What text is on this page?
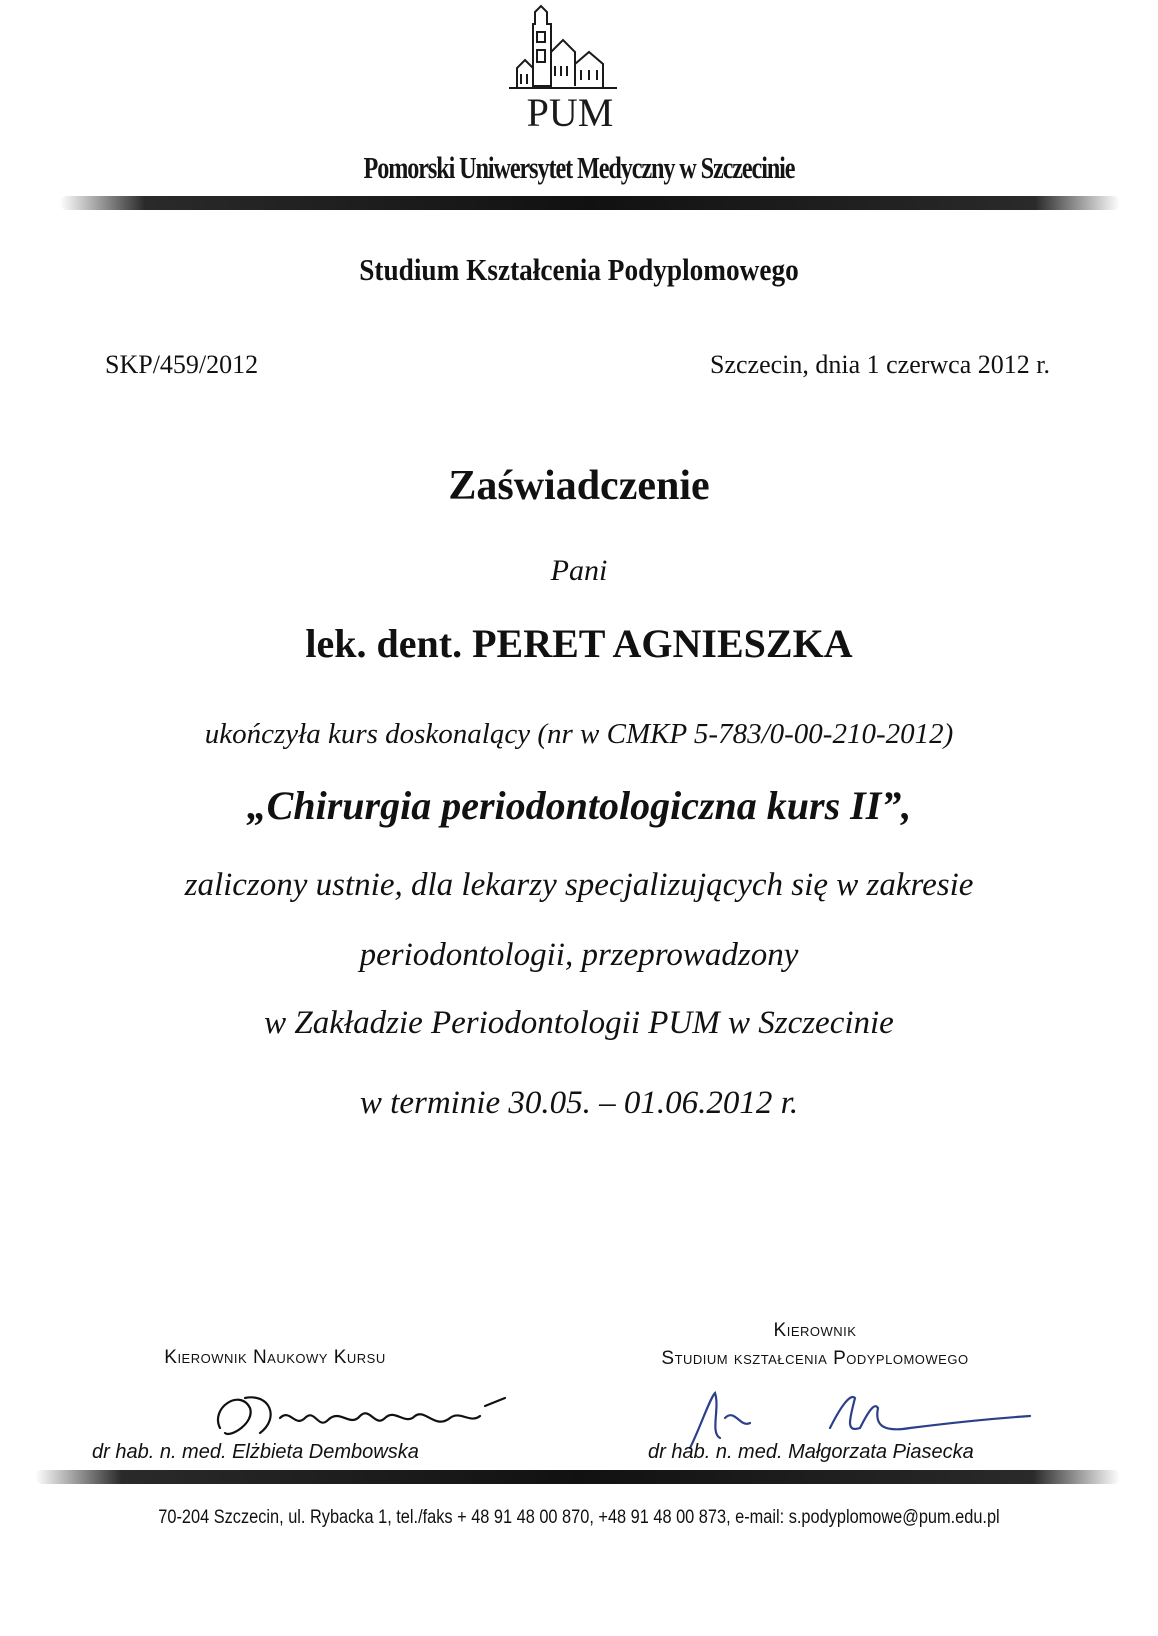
PUM
Pomorski Uniwersytet Medyczny w Szczecinie
Studium Kształcenia Podyplomowego
SKP/459/2012	Szczecin, dnia 1 czerwca 2012 r.
Zaświadczenie
Pani
lek. dent. PERET AGNIESZKA
ukończyła kurs doskonalący (nr w CMKP 5-783/0-00-210-2012)
„Chirurgia periodontologiczna kurs II”,
zaliczony ustnie, dla lekarzy specjalizujących się w zakresie
periodontologii, przeprowadzony
w Zakładzie Periodontologii PUM w Szczecinie
w terminie 30.05. – 01.06.2012 r.
Kierownik Naukowy Kursu
Kierownik
Studium kształcenia Podyplomowego
dr hab. n. med. Elżbieta Dembowska	dr hab. n. med. Małgorzata Piasecka
70-204 Szczecin, ul. Rybacka 1, tel./faks + 48 91 48 00 870, +48 91 48 00 873, e-mail: s.podyplomowe@pum.edu.pl
